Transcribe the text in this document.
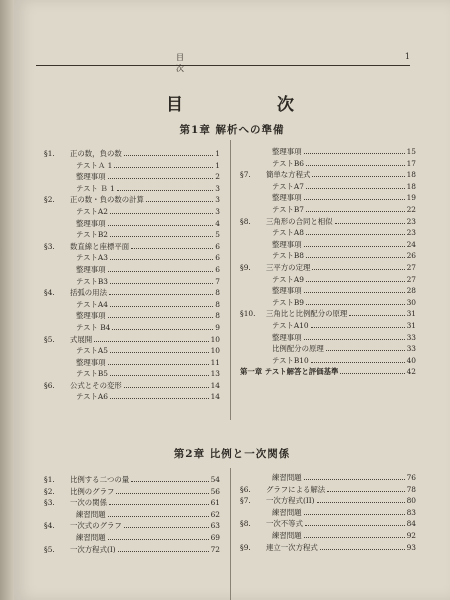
目 次
1
目 次
第1章 解析への準備
§1.	正の数，負の数	1
テストＡ 1	1
整理事項	2
テスト Ｂ 1	3
§2.	正の数・負の数の計算	3
テストA2	3
整理事項	4
テストB2	5
§3.	数直線と座標平面	6
テストA3	6
整理事項	6
テストB3	7
§4.	括弧の用法	8
テストA4	8
整理事項	8
テスト B4	9
§5.	式展開	10
テストA5	10
整理事項	11
テストB5	13
§6.	公式とその変形	14
テストA6	14
整理事項	15
テストB6	17
§7.	簡単な方程式	18
テストA7	18
整理事項	19
テストB7	22
§8.	三角形の合同と相似	23
テストA8	23
整理事項	24
テストB8	26
§9.	三平方の定理	27
テストA9	27
整理事項	28
テストB9	30
§10.	三角比と比例配分の原理	31
テストA10	31
整理事項	33
比例配分の原理	33
テストB10	40
第一章 テスト解答と評価基準	42
第2章 比例と一次関係
§1.	比例する二つの量	54
§2.	比例のグラフ	56
§3.	一次の関係	61
練習問題	62
§4.	一次式のグラフ	63
練習問題	69
§5.	一次方程式(I)	72
練習問題	76
§6.	グラフによる解法	78
§7.	一次方程式(II)	80
練習問題	83
§8.	一次不等式	84
練習問題	92
§9.	連立一次方程式	93
